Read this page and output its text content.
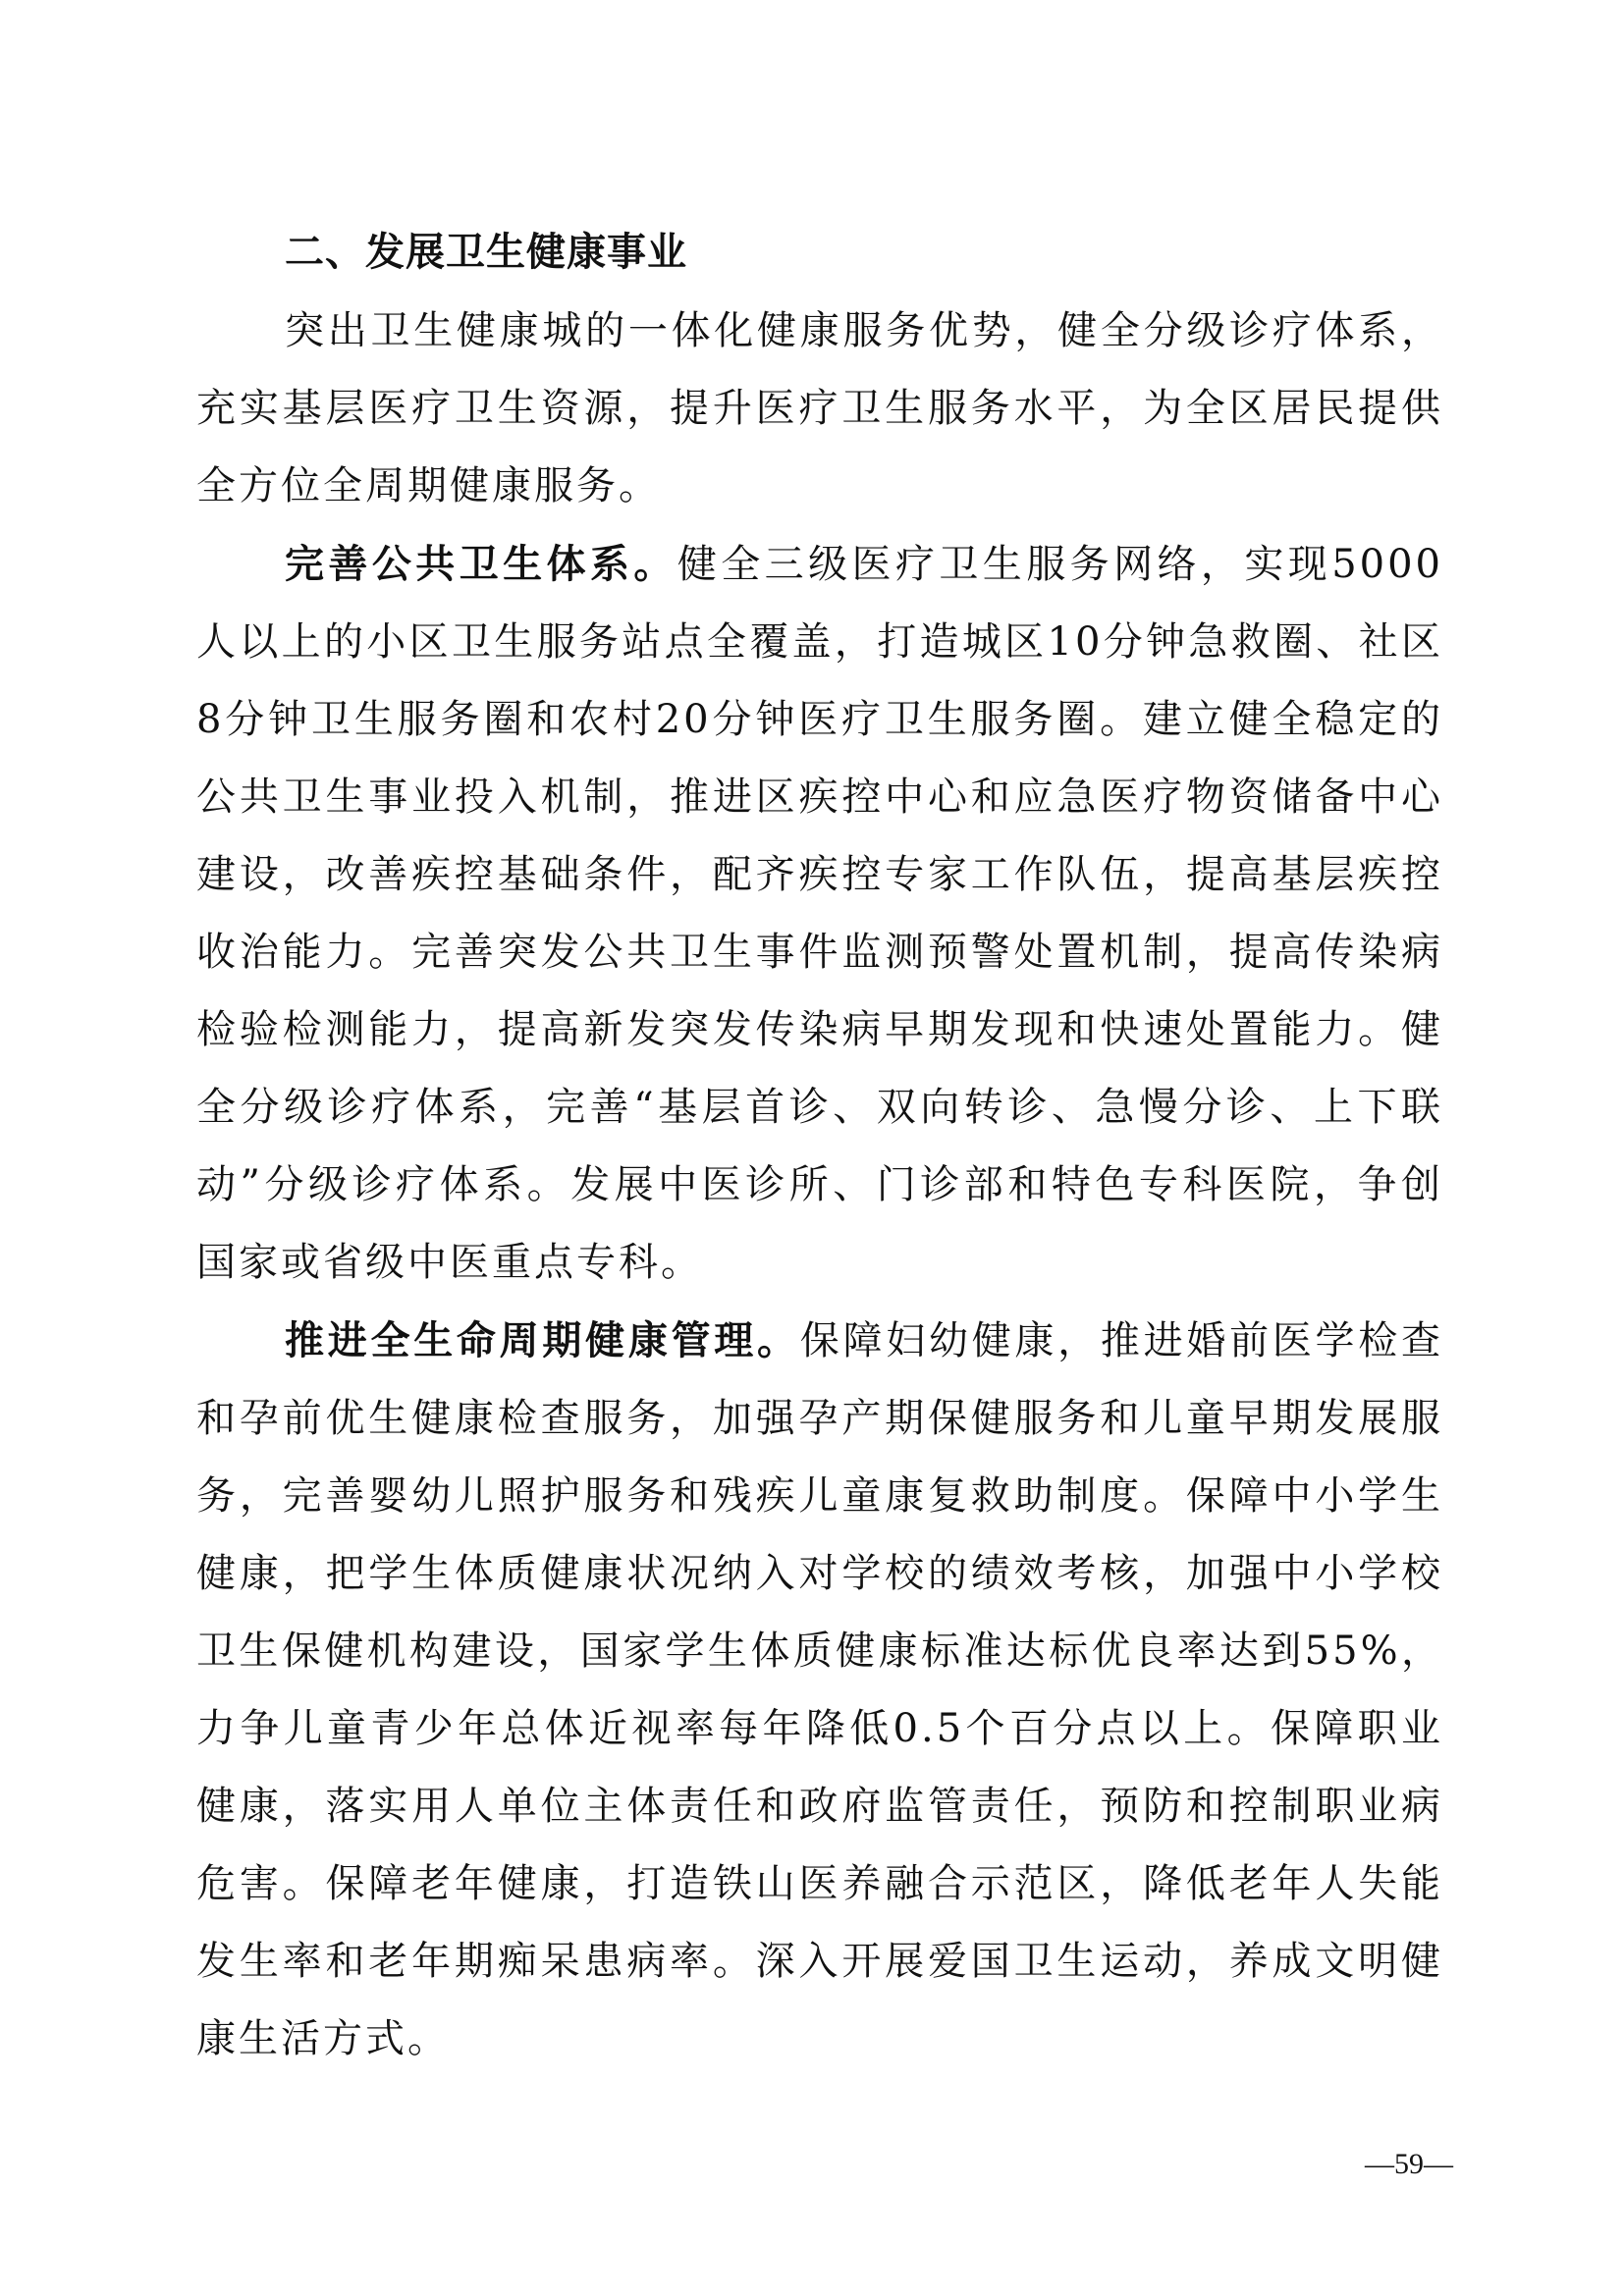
二、发展卫生健康事业

突出卫生健康城的一体化健康服务优势，健全分级诊疗体系，充实基层医疗卫生资源，提升医疗卫生服务水平，为全区居民提供全方位全周期健康服务。

完善公共卫生体系。健全三级医疗卫生服务网络，实现5000人以上的小区卫生服务站点全覆盖，打造城区10分钟急救圈、社区8分钟卫生服务圈和农村20分钟医疗卫生服务圈。建立健全稳定的公共卫生事业投入机制，推进区疾控中心和应急医疗物资储备中心建设，改善疾控基础条件，配齐疾控专家工作队伍，提高基层疾控收治能力。完善突发公共卫生事件监测预警处置机制，提高传染病检验检测能力，提高新发突发传染病早期发现和快速处置能力。健全分级诊疗体系，完善“基层首诊、双向转诊、急慢分诊、上下联动”分级诊疗体系。发展中医诊所、门诊部和特色专科医院，争创国家或省级中医重点专科。

推进全生命周期健康管理。保障妇幼健康，推进婚前医学检查和孕前优生健康检查服务，加强孕产期保健服务和儿童早期发展服务，完善婴幼儿照护服务和残疾儿童康复救助制度。保障中小学生健康，把学生体质健康状况纳入对学校的绩效考核，加强中小学校卫生保健机构建设，国家学生体质健康标准达标优良率达到55%，力争儿童青少年总体近视率每年降低0.5个百分点以上。保障职业健康，落实用人单位主体责任和政府监管责任，预防和控制职业病危害。保障老年健康，打造铁山医养融合示范区，降低老年人失能发生率和老年期痴呆患病率。深入开展爱国卫生运动，养成文明健康生活方式。

—59—
